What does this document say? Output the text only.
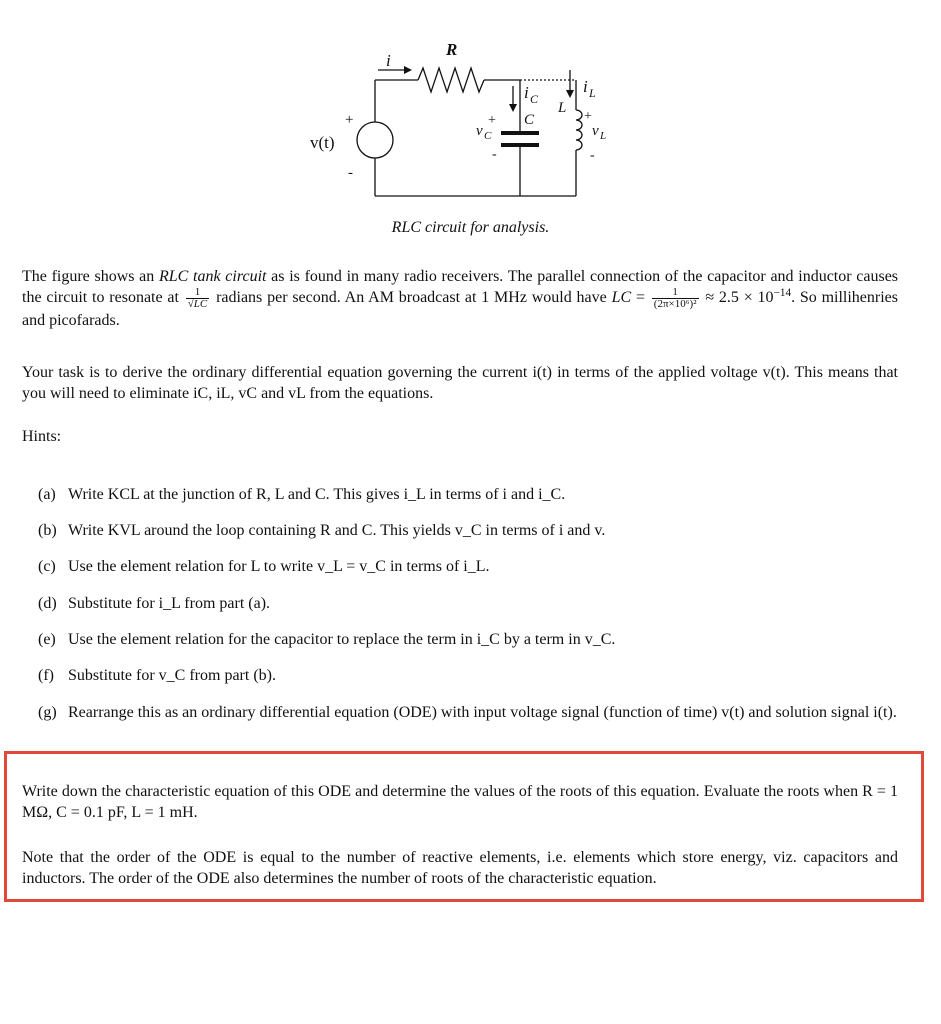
R
i
v(t)
+
-
i C
C
v C
+
-
L
i L
v L
+
-
RLC circuit for analysis.
The figure shows an RLC tank circuit as is found in many radio receivers. The parallel connection of the capacitor and inductor causes the circuit to resonate at $\frac{1}{√LC}$ radians per second. An AM broadcast at 1 MHz would have LC = $\frac{1}{\text{(2π×10⁶)²}} \approx 2.5 \times 10^{-14}$. So millihenries and picofarads.
Your task is to derive the ordinary differential equation governing the current i(t) in terms of the applied voltage v(t). This means that you will need to eliminate iC, iL, vC and vL from the equations.
Hints:
(a) Write KCL at the junction of R, L and C. This gives i_L in terms of i and i_C.
(b) Write KVL around the loop containing R and C. This yields v_C in terms of i and v.
(c) Use the element relation for L to write v_L = v_C in terms of i_L.
(d) Substitute for i_L from part (a).
(e) Use the element relation for the capacitor to replace the term in i_C by a term in v_C.
(f) Substitute for v_C from part (b).
(g) Rearrange this as an ordinary differential equation (ODE) with input voltage signal (function of time) v(t) and solution signal i(t).
Write down the characteristic equation of this ODE and determine the values of the roots of this equation. Evaluate the roots when R = 1 MΩ, C = 0.1 pF, L = 1 mH.
Note that the order of the ODE is equal to the number of reactive elements, i.e. elements which store energy, viz. capacitors and inductors. The order of the ODE also determines the number of roots of the characteristic equation.
